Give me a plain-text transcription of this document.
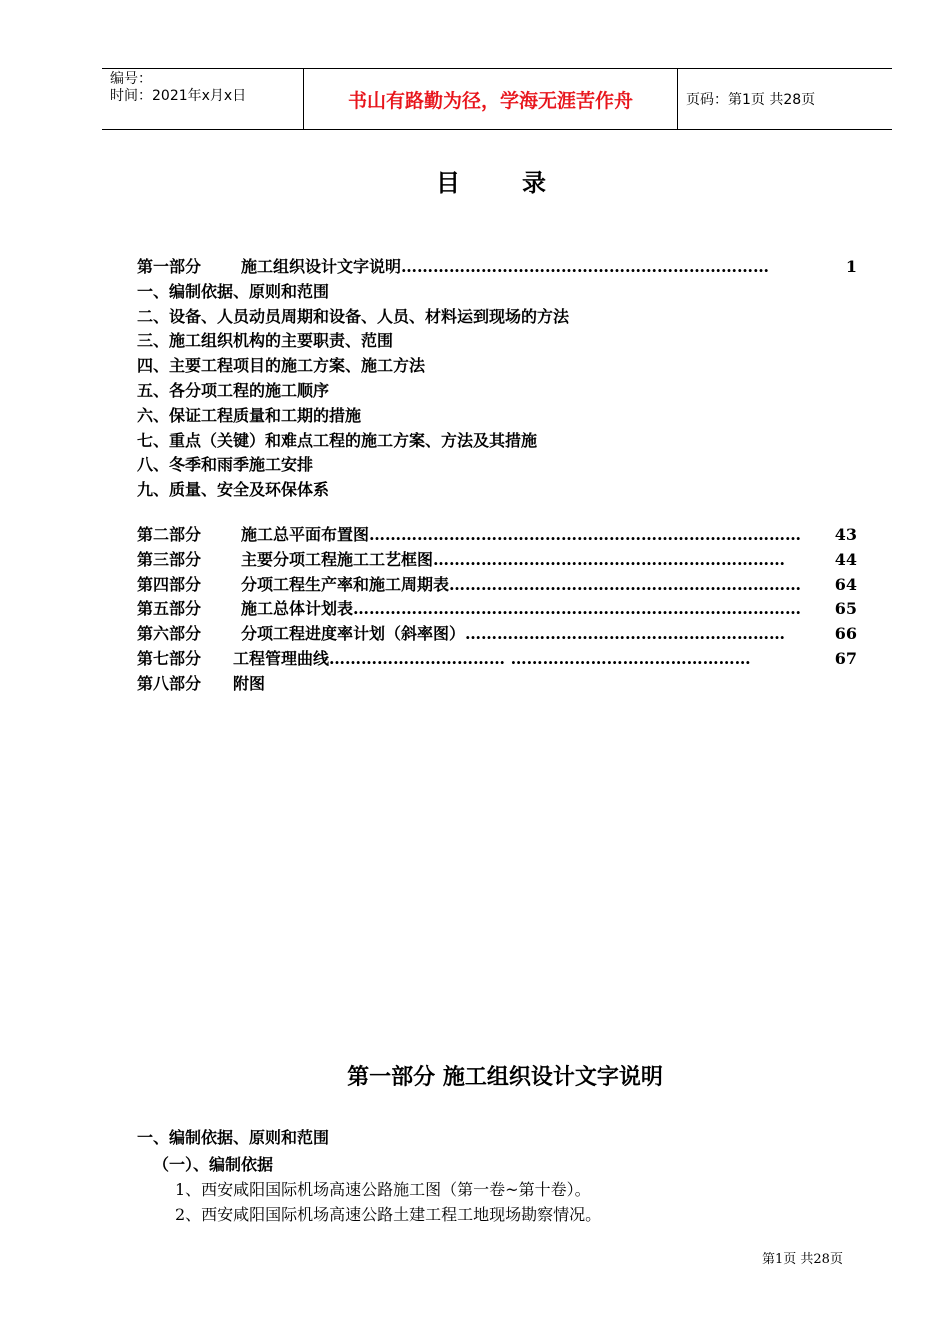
编号：
时间：2021年x月x日	书山有路勤为径，学海无涯苦作舟	页码：第1页 共28页
目	录
第一部分	施工组织设计文字说明 ……………………………………………………………	1
一、编制依据、原则和范围
二、设备、人员动员周期和设备、人员、材料运到现场的方法
三、施工组织机构的主要职责、范围
四、主要工程项目的施工方案、施工方法
五、各分项工程的施工顺序
六、保证工程质量和工期的措施
七、重点（关键）和难点工程的施工方案、方法及其措施
八、冬季和雨季施工安排
九、质量、安全及环保体系
第二部分	施工总平面布置图 ………………………………………………………………………	43
第三部分	主要分项工程施工工艺框图 …………………………………………………………	44
第四部分	分项工程生产率和施工周期表 …………………………………………………………	64
第五部分	施工总体计划表 …………………………………………………………………………	65
第六部分	分项工程进度率计划（斜率图） ……………………………………………………	66
第七部分	工程管理曲线 …………………………… ………………………………………	67
第八部分	附图
第一部分 施工组织设计文字说明
一、编制依据、原则和范围
（一）、编制依据
1、西安咸阳国际机场高速公路施工图（第一卷~第十卷）。
2、西安咸阳国际机场高速公路土建工程工地现场勘察情况。
第1页 共28页
